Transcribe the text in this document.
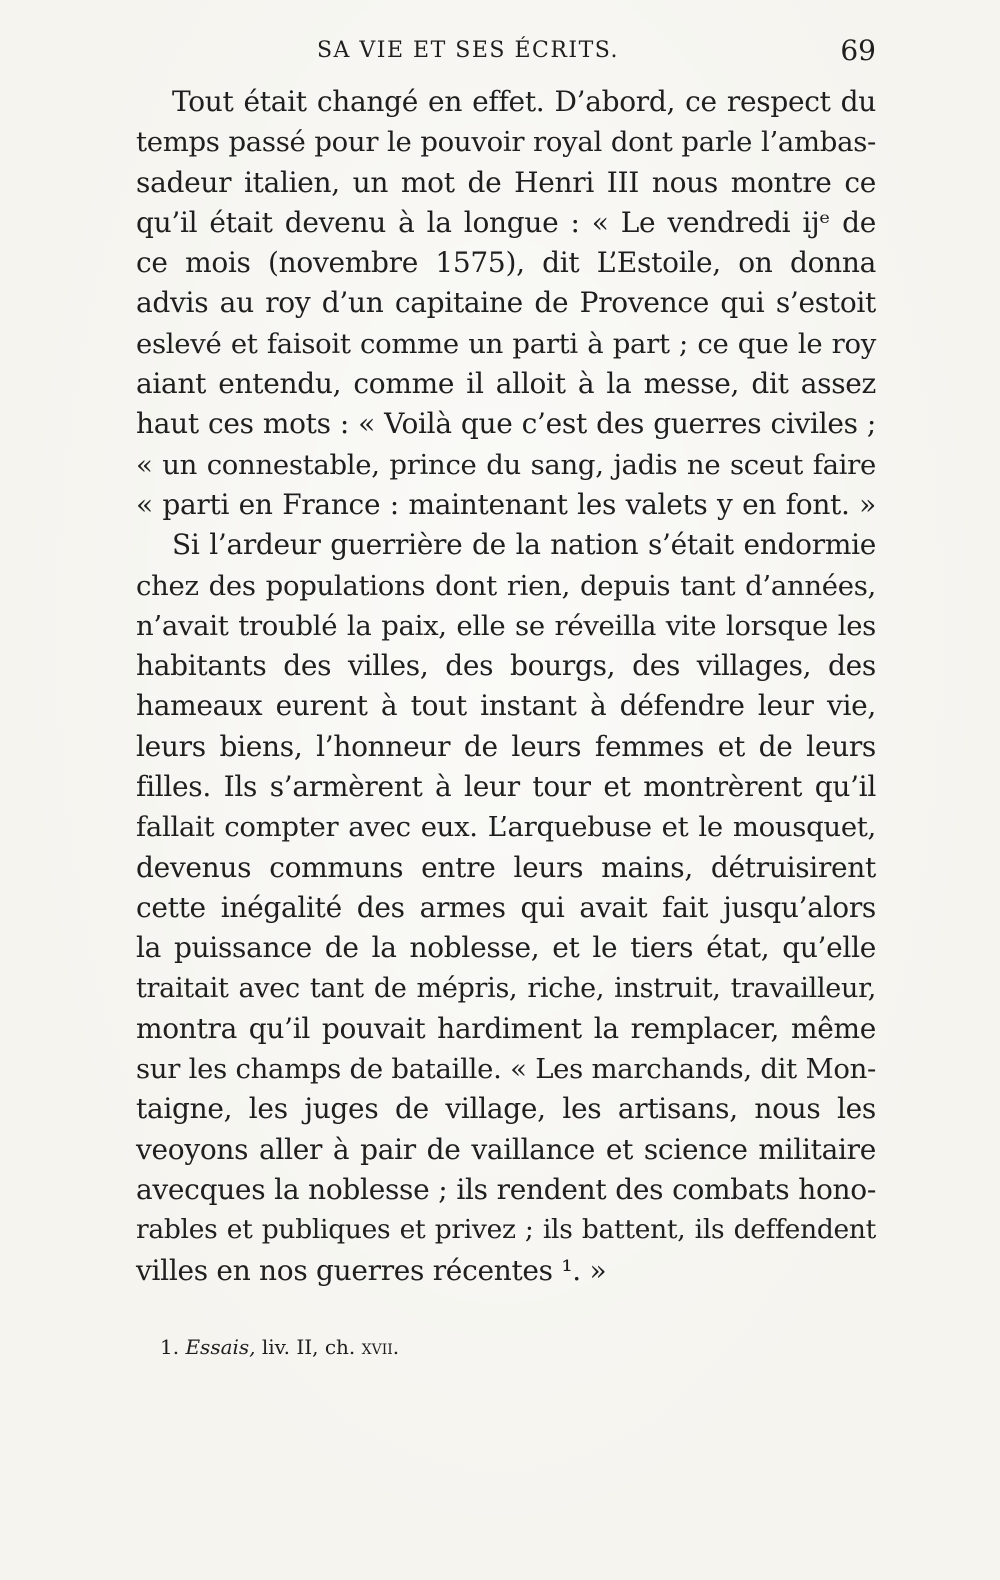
SA VIE ET SES ÉCRITS.	69
Tout était changé en effet. D’abord, ce respect du
temps passé pour le pouvoir royal dont parle l’ambas-
sadeur italien, un mot de Henri III nous montre ce
qu’il était devenu à la longue : « Le vendredi ijᵉ de
ce mois (novembre 1575), dit L’Estoile, on donna
advis au roy d’un capitaine de Provence qui s’estoit
eslevé et faisoit comme un parti à part ; ce que le roy
aiant entendu, comme il alloit à la messe, dit assez
haut ces mots : « Voilà que c’est des guerres civiles ;
« un connestable, prince du sang, jadis ne sceut faire
« parti en France : maintenant les valets y en font. »
Si l’ardeur guerrière de la nation s’était endormie
chez des populations dont rien, depuis tant d’années,
n’avait troublé la paix, elle se réveilla vite lorsque les
habitants des villes, des bourgs, des villages, des
hameaux eurent à tout instant à défendre leur vie,
leurs biens, l’honneur de leurs femmes et de leurs
filles. Ils s’armèrent à leur tour et montrèrent qu’il
fallait compter avec eux. L’arquebuse et le mousquet,
devenus communs entre leurs mains, détruisirent
cette inégalité des armes qui avait fait jusqu’alors
la puissance de la noblesse, et le tiers état, qu’elle
traitait avec tant de mépris, riche, instruit, travailleur,
montra qu’il pouvait hardiment la remplacer, même
sur les champs de bataille. « Les marchands, dit Mon-
taigne, les juges de village, les artisans, nous les
veoyons aller à pair de vaillance et science militaire
avecques la noblesse ; ils rendent des combats hono-
rables et publiques et privez ; ils battent, ils deffendent
villes en nos guerres récentes ¹. »
1. Essais, liv. II, ch. xvii.
